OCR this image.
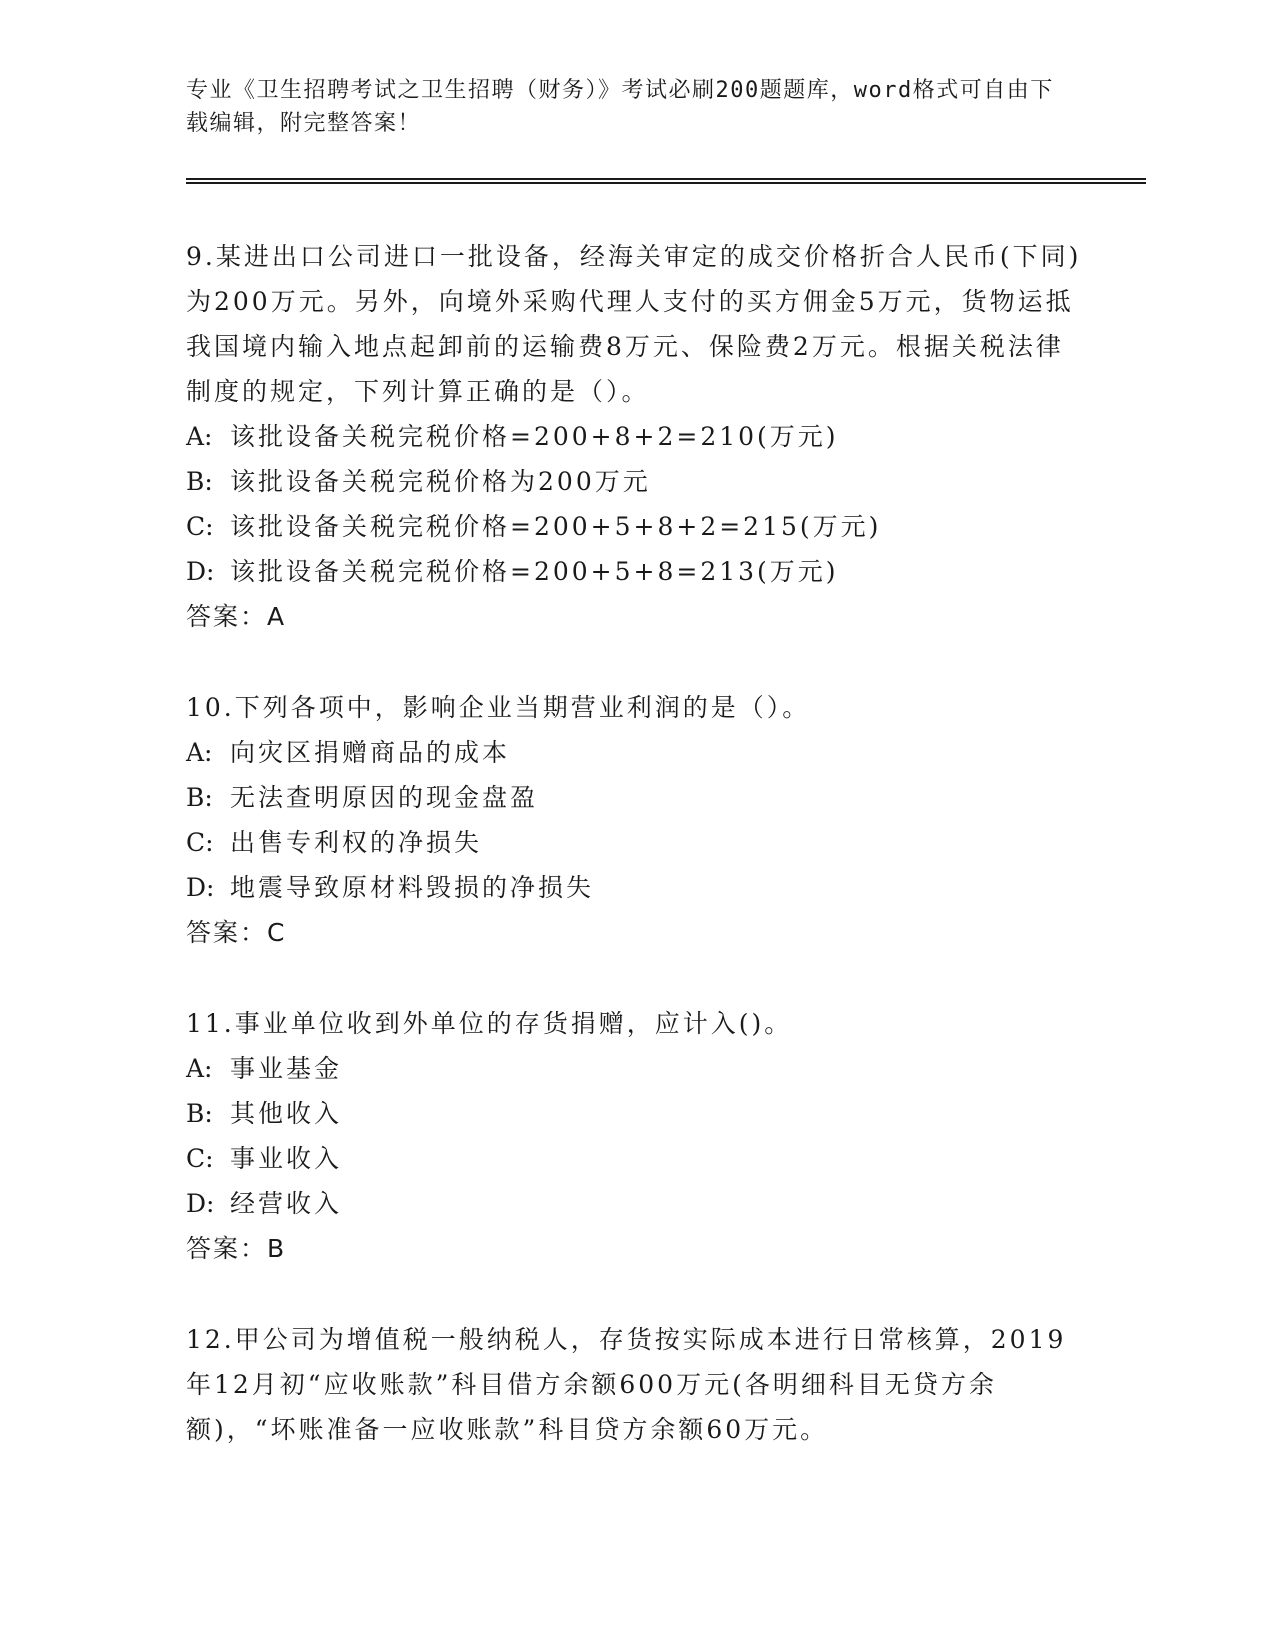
专业《卫生招聘考试之卫生招聘（财务）》考试必刷200题题库，word格式可自由下载编辑，附完整答案！

9.某进出口公司进口一批设备，经海关审定的成交价格折合人民币(下同)为200万元。另外，向境外采购代理人支付的买方佣金5万元，货物运抵我国境内输入地点起卸前的运输费8万元、保险费2万元。根据关税法律制度的规定，下列计算正确的是（）。

A: 该批设备关税完税价格=200+8+2=210(万元)

B: 该批设备关税完税价格为200万元

C: 该批设备关税完税价格=200+5+8+2=215(万元)

D: 该批设备关税完税价格=200+5+8=213(万元)

答案：A

10.下列各项中，影响企业当期营业利润的是（）。

A: 向灾区捐赠商品的成本

B: 无法查明原因的现金盘盈

C: 出售专利权的净损失

D: 地震导致原材料毁损的净损失

答案：C

11.事业单位收到外单位的存货捐赠，应计入()。

A: 事业基金

B: 其他收入

C: 事业收入

D: 经营收入

答案：B

12.甲公司为增值税一般纳税人，存货按实际成本进行日常核算，2019年12月初“应收账款”科目借方余额600万元(各明细科目无贷方余额)，“坏账准备一应收账款”科目贷方余额60万元。
